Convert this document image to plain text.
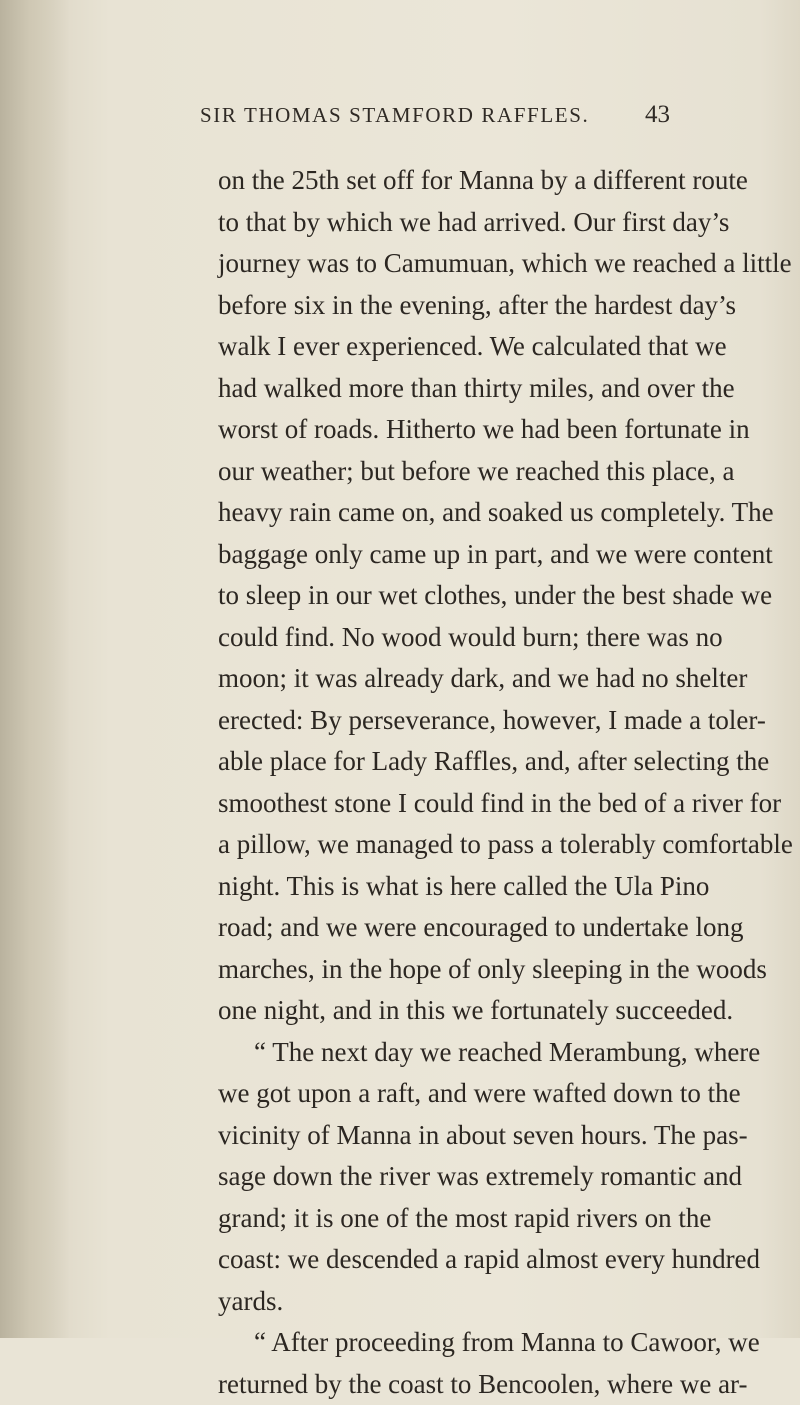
SIR THOMAS STAMFORD RAFFLES. 43
on the 25th set off for Manna by a different route
to that by which we had arrived. Our first day’s
journey was to Camumuan, which we reached a little
before six in the evening, after the hardest day’s
walk I ever experienced. We calculated that we
had walked more than thirty miles, and over the
worst of roads. Hitherto we had been fortunate in
our weather; but before we reached this place, a
heavy rain came on, and soaked us completely. The
baggage only came up in part, and we were content
to sleep in our wet clothes, under the best shade we
could find. No wood would burn; there was no
moon; it was already dark, and we had no shelter
erected: By perseverance, however, I made a toler-
able place for Lady Raffles, and, after selecting the
smoothest stone I could find in the bed of a river for
a pillow, we managed to pass a tolerably comfortable
night. This is what is here called the Ula Pino
road; and we were encouraged to undertake long
marches, in the hope of only sleeping in the woods
one night, and in this we fortunately succeeded.
“ The next day we reached Merambung, where
we got upon a raft, and were wafted down to the
vicinity of Manna in about seven hours. The pas-
sage down the river was extremely romantic and
grand; it is one of the most rapid rivers on the
coast: we descended a rapid almost every hundred
yards.
“ After proceeding from Manna to Cawoor, we
returned by the coast to Bencoolen, where we ar-
